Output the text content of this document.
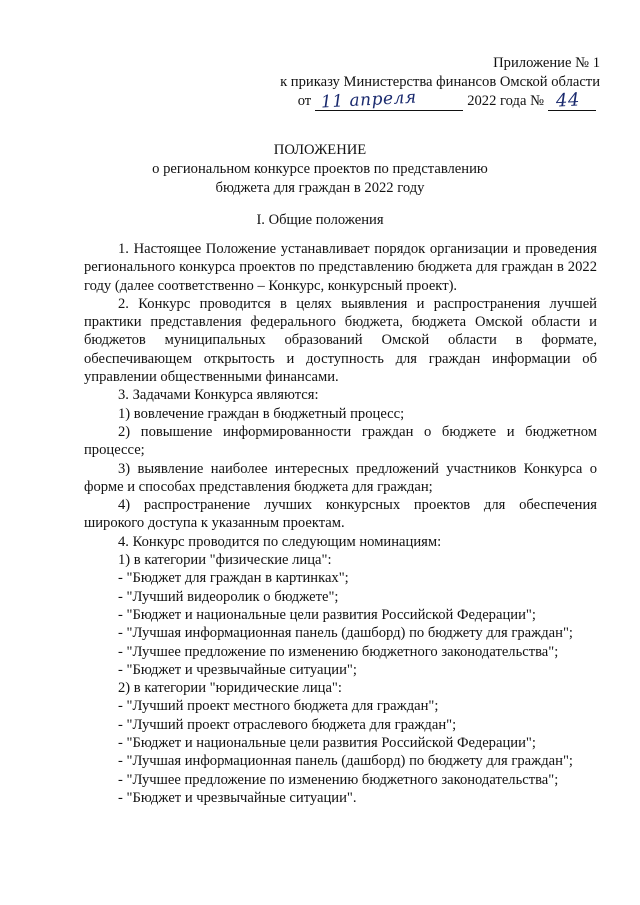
Приложение № 1
к приказу Министерства финансов Омской области
от 11 апреля	2022 года № 44
ПОЛОЖЕНИЕ
о региональном конкурсе проектов по представлению
бюджета для граждан в 2022 году
I. Общие положения

1. Настоящее Положение устанавливает порядок организации и проведения регионального конкурса проектов по представлению бюджета для граждан в 2022 году (далее соответственно – Конкурс, конкурсный проект).

2. Конкурс проводится в целях выявления и распространения лучшей практики представления федерального бюджета, бюджета Омской области и бюджетов муниципальных образований Омской области в формате, обеспечивающем открытость и доступность для граждан информации об управлении общественными финансами.

3. Задачами Конкурса являются:

1) вовлечение граждан в бюджетный процесс;

2) повышение информированности граждан о бюджете и бюджетном процессе;

3) выявление наиболее интересных предложений участников Конкурса о форме и способах представления бюджета для граждан;

4) распространение лучших конкурсных проектов для обеспечения широкого доступа к указанным проектам.

4. Конкурс проводится по следующим номинациям:

1) в категории "физические лица":

- "Бюджет для граждан в картинках";

- "Лучший видеоролик о бюджете";

- "Бюджет и национальные цели развития Российской Федерации";

- "Лучшая информационная панель (дашборд) по бюджету для граждан";

- "Лучшее предложение по изменению бюджетного законодательства";

- "Бюджет и чрезвычайные ситуации";

2) в категории "юридические лица":

- "Лучший проект местного бюджета для граждан";

- "Лучший проект отраслевого бюджета для граждан";

- "Бюджет и национальные цели развития Российской Федерации";

- "Лучшая информационная панель (дашборд) по бюджету для граждан";

- "Лучшее предложение по изменению бюджетного законодательства";

- "Бюджет и чрезвычайные ситуации".
